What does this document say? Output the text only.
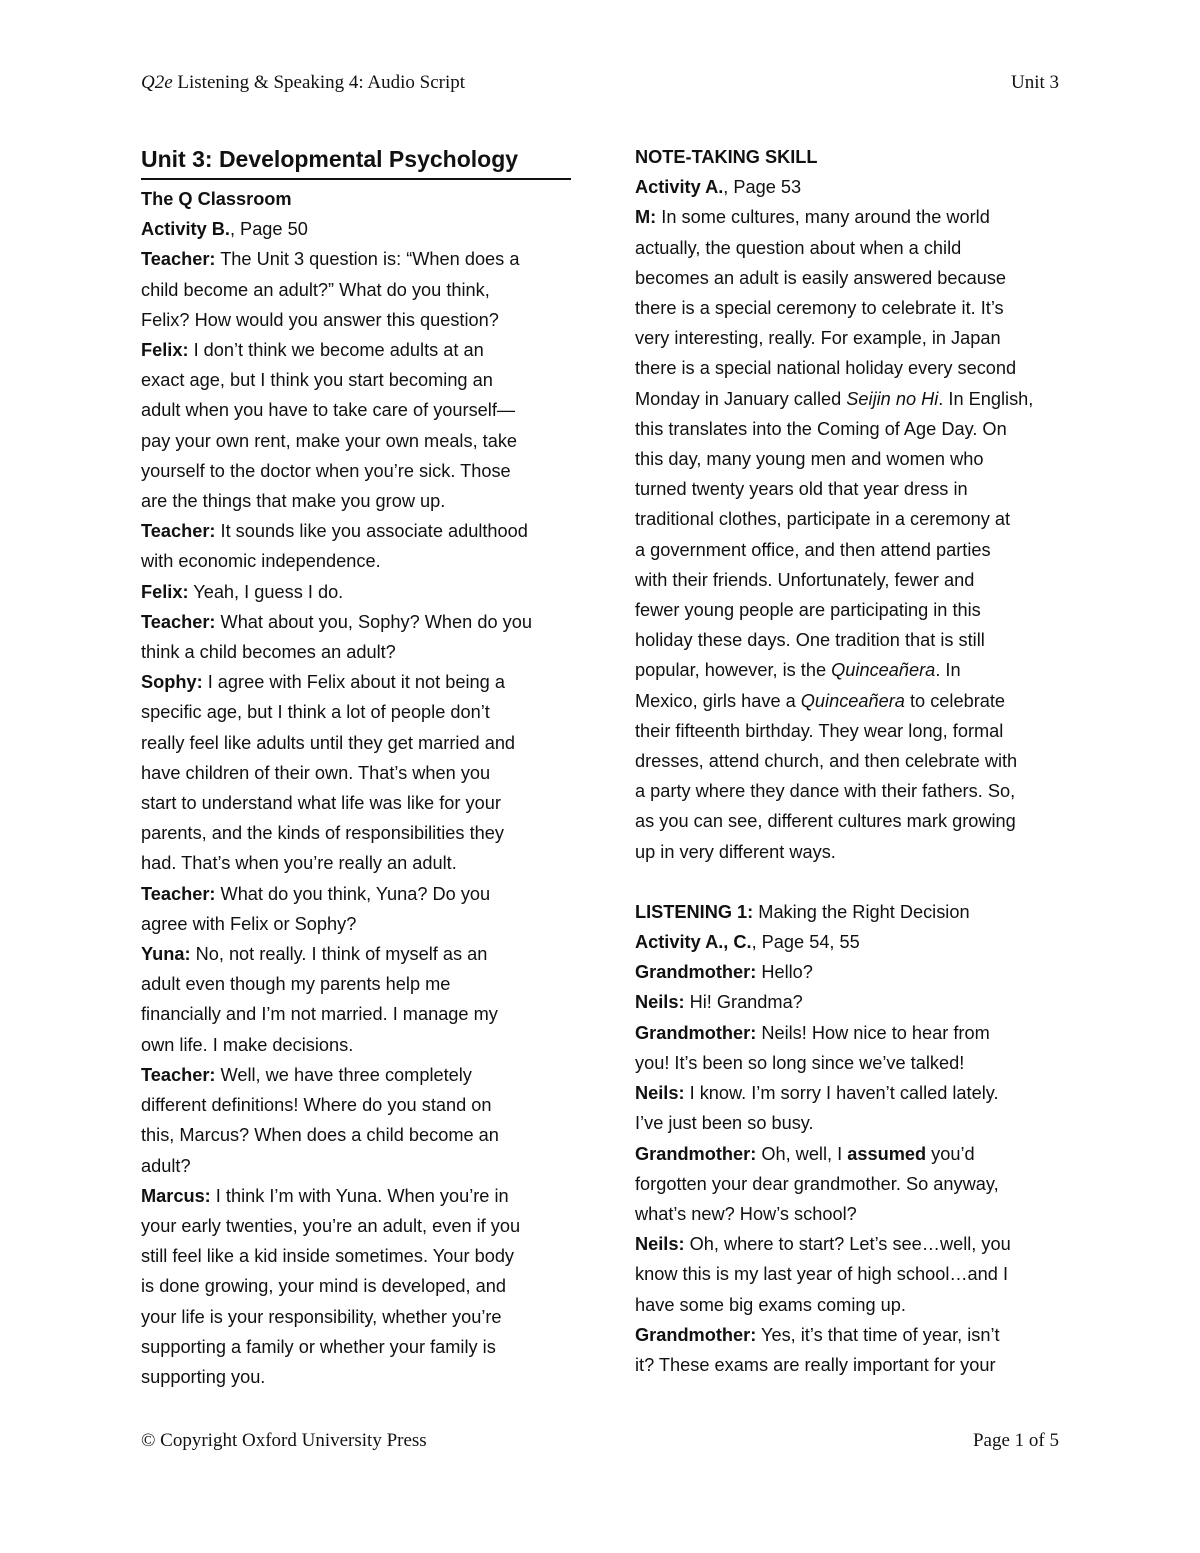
Q2e Listening & Speaking 4: Audio Script	Unit 3
Unit 3: Developmental Psychology
The Q Classroom
Activity B., Page 50
Teacher: The Unit 3 question is: “When does a
child become an adult?” What do you think,
Felix? How would you answer this question?
Felix: I don’t think we become adults at an
exact age, but I think you start becoming an
adult when you have to take care of yourself—
pay your own rent, make your own meals, take
yourself to the doctor when you’re sick. Those
are the things that make you grow up.
Teacher: It sounds like you associate adulthood
with economic independence.
Felix: Yeah, I guess I do.
Teacher: What about you, Sophy? When do you
think a child becomes an adult?
Sophy: I agree with Felix about it not being a
specific age, but I think a lot of people don’t
really feel like adults until they get married and
have children of their own. That’s when you
start to understand what life was like for your
parents, and the kinds of responsibilities they
had. That’s when you’re really an adult.
Teacher: What do you think, Yuna? Do you
agree with Felix or Sophy?
Yuna: No, not really. I think of myself as an
adult even though my parents help me
financially and I’m not married. I manage my
own life. I make decisions.
Teacher: Well, we have three completely
different definitions! Where do you stand on
this, Marcus? When does a child become an
adult?
Marcus: I think I’m with Yuna. When you’re in
your early twenties, you’re an adult, even if you
still feel like a kid inside sometimes. Your body
is done growing, your mind is developed, and
your life is your responsibility, whether you’re
supporting a family or whether your family is
supporting you.
NOTE-TAKING SKILL
Activity A., Page 53
M: In some cultures, many around the world
actually, the question about when a child
becomes an adult is easily answered because
there is a special ceremony to celebrate it. It’s
very interesting, really. For example, in Japan
there is a special national holiday every second
Monday in January called Seijin no Hi. In English,
this translates into the Coming of Age Day. On
this day, many young men and women who
turned twenty years old that year dress in
traditional clothes, participate in a ceremony at
a government office, and then attend parties
with their friends. Unfortunately, fewer and
fewer young people are participating in this
holiday these days. One tradition that is still
popular, however, is the Quinceañera. In
Mexico, girls have a Quinceañera to celebrate
their fifteenth birthday. They wear long, formal
dresses, attend church, and then celebrate with
a party where they dance with their fathers. So,
as you can see, different cultures mark growing
up in very different ways.
LISTENING 1: Making the Right Decision
Activity A., C., Page 54, 55
Grandmother: Hello?
Neils: Hi! Grandma?
Grandmother: Neils! How nice to hear from
you! It’s been so long since we’ve talked!
Neils: I know. I’m sorry I haven’t called lately.
I’ve just been so busy.
Grandmother: Oh, well, I assumed you’d
forgotten your dear grandmother. So anyway,
what’s new? How’s school?
Neils: Oh, where to start? Let’s see…well, you
know this is my last year of high school…and I
have some big exams coming up.
Grandmother: Yes, it’s that time of year, isn’t
it? These exams are really important for your
© Copyright Oxford University Press	Page 1 of 5
